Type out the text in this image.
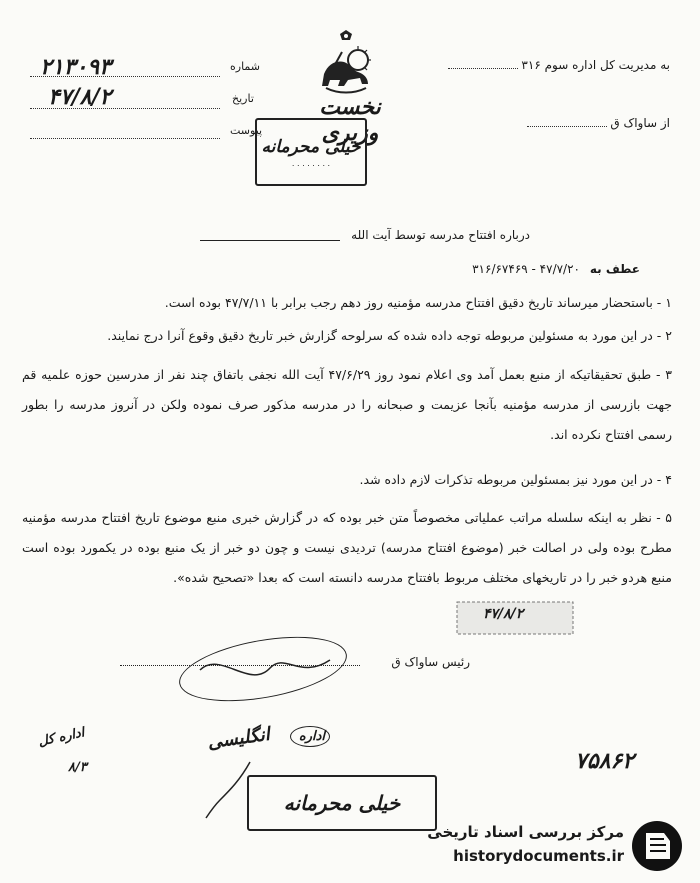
به مدیریت کل اداره سوم ۳۱۶
از ساواک ق
نخست وزیری
شماره
۲۱۳۰۹۳
تاریخ
۴۷/۸/۲
پیوست
خیلی محرمانه
. . . . . . . .
درباره افتتاح مدرسه توسط آیت الله
عطف به
۳۱۶/۶۷۴۶۹ - ۴۷/۷/۲۰
۱ - باستحضار میرساند تاریخ دقیق افتتاح مدرسه مؤمنیه روز دهم رجب برابر با ۴۷/۷/۱۱ بوده است.
۲ - در این مورد به مسئولین مربوطه توجه داده شده که سرلوحه گزارش خبر تاریخ دقیق وقوع آنرا درج نمایند.
۳ - طبق تحقیقاتیکه از منبع بعمل آمد وی اعلام نمود روز ۴۷/۶/۲۹ آیت الله نجفی باتفاق چند نفر از مدرسین حوزه علمیه قم جهت بازرسی از مدرسه مؤمنیه بآنجا عزیمت و صبحانه را در مدرسه مذکور صرف نموده ولکن در آنروز مدرسه را بطور رسمی افتتاح نکرده اند.
۴ - در این مورد نیز بمسئولین مربوطه تذکرات لازم داده شد.
۵ - نظر به اینکه سلسله مراتب عملیاتی مخصوصاً متن خبر بوده که در گزارش خبری منبع موضوع تاریخ افتتاح مدرسه مؤمنیه مطرح بوده ولی در اصالت خبر (موضوع افتتاح مدرسه) تردیدی نیست و چون دو خبر از یک منبع بوده در یکمورد بوده است منبع هردو خبر را در تاریخهای مختلف مربوط بافتتاح مدرسه دانسته است که بعدا «تصحیح شده».
۴۷/۸/۲
رئیس ساواک ق
اداره کل
۸/۳
انگلیسی	اداره
۷۵۸۶۲
خیلی محرمانه
مرکز بررسی اسناد تاریخی
historydocuments.ir
